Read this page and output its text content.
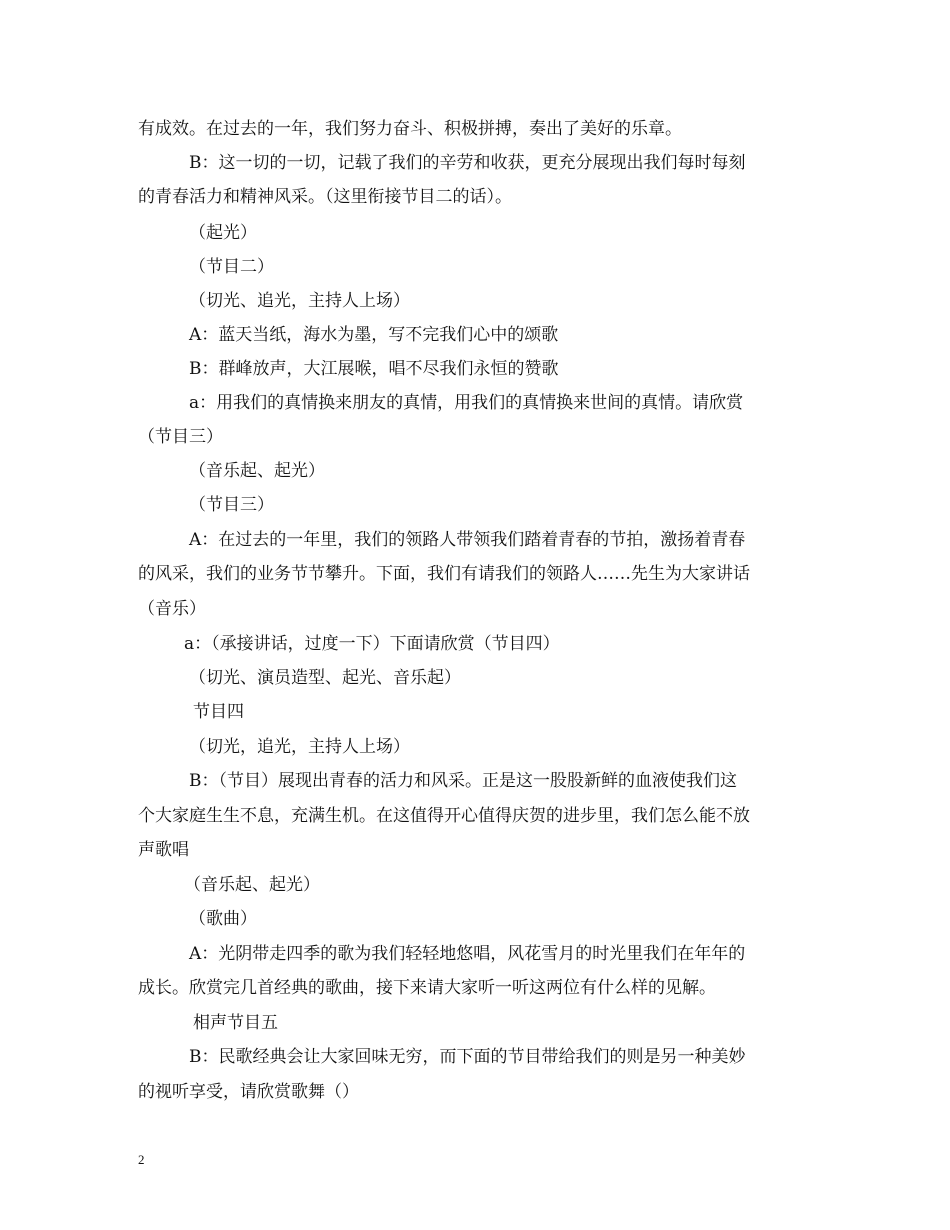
有成效。在过去的一年，我们努力奋斗、积极拼搏，奏出了美好的乐章。
B：这一切的一切，记载了我们的辛劳和收获，更充分展现出我们每时每刻
的青春活力和精神风采。（这里衔接节目二的话）。
（起光）
（节目二）
（切光、追光，主持人上场）
A：蓝天当纸，海水为墨，写不完我们心中的颂歌
B：群峰放声，大江展喉，唱不尽我们永恒的赞歌
a：用我们的真情换来朋友的真情，用我们的真情换来世间的真情。请欣赏
（节目三）
（音乐起、起光）
（节目三）
A：在过去的一年里，我们的领路人带领我们踏着青春的节拍，激扬着青春
的风采，我们的业务节节攀升。下面，我们有请我们的领路人……先生为大家讲话
（音乐）
a：（承接讲话，过度一下）下面请欣赏（节目四）
（切光、演员造型、起光、音乐起）
节目四
（切光，追光，主持人上场）
B：（节目）展现出青春的活力和风采。正是这一股股新鲜的血液使我们这
个大家庭生生不息，充满生机。在这值得开心值得庆贺的进步里，我们怎么能不放
声歌唱
（音乐起、起光）
（歌曲）
A：光阴带走四季的歌为我们轻轻地悠唱，风花雪月的时光里我们在年年的
成长。欣赏完几首经典的歌曲，接下来请大家听一听这两位有什么样的见解。
相声节目五
B：民歌经典会让大家回味无穷，而下面的节目带给我们的则是另一种美妙
的视听享受，请欣赏歌舞（）
2
